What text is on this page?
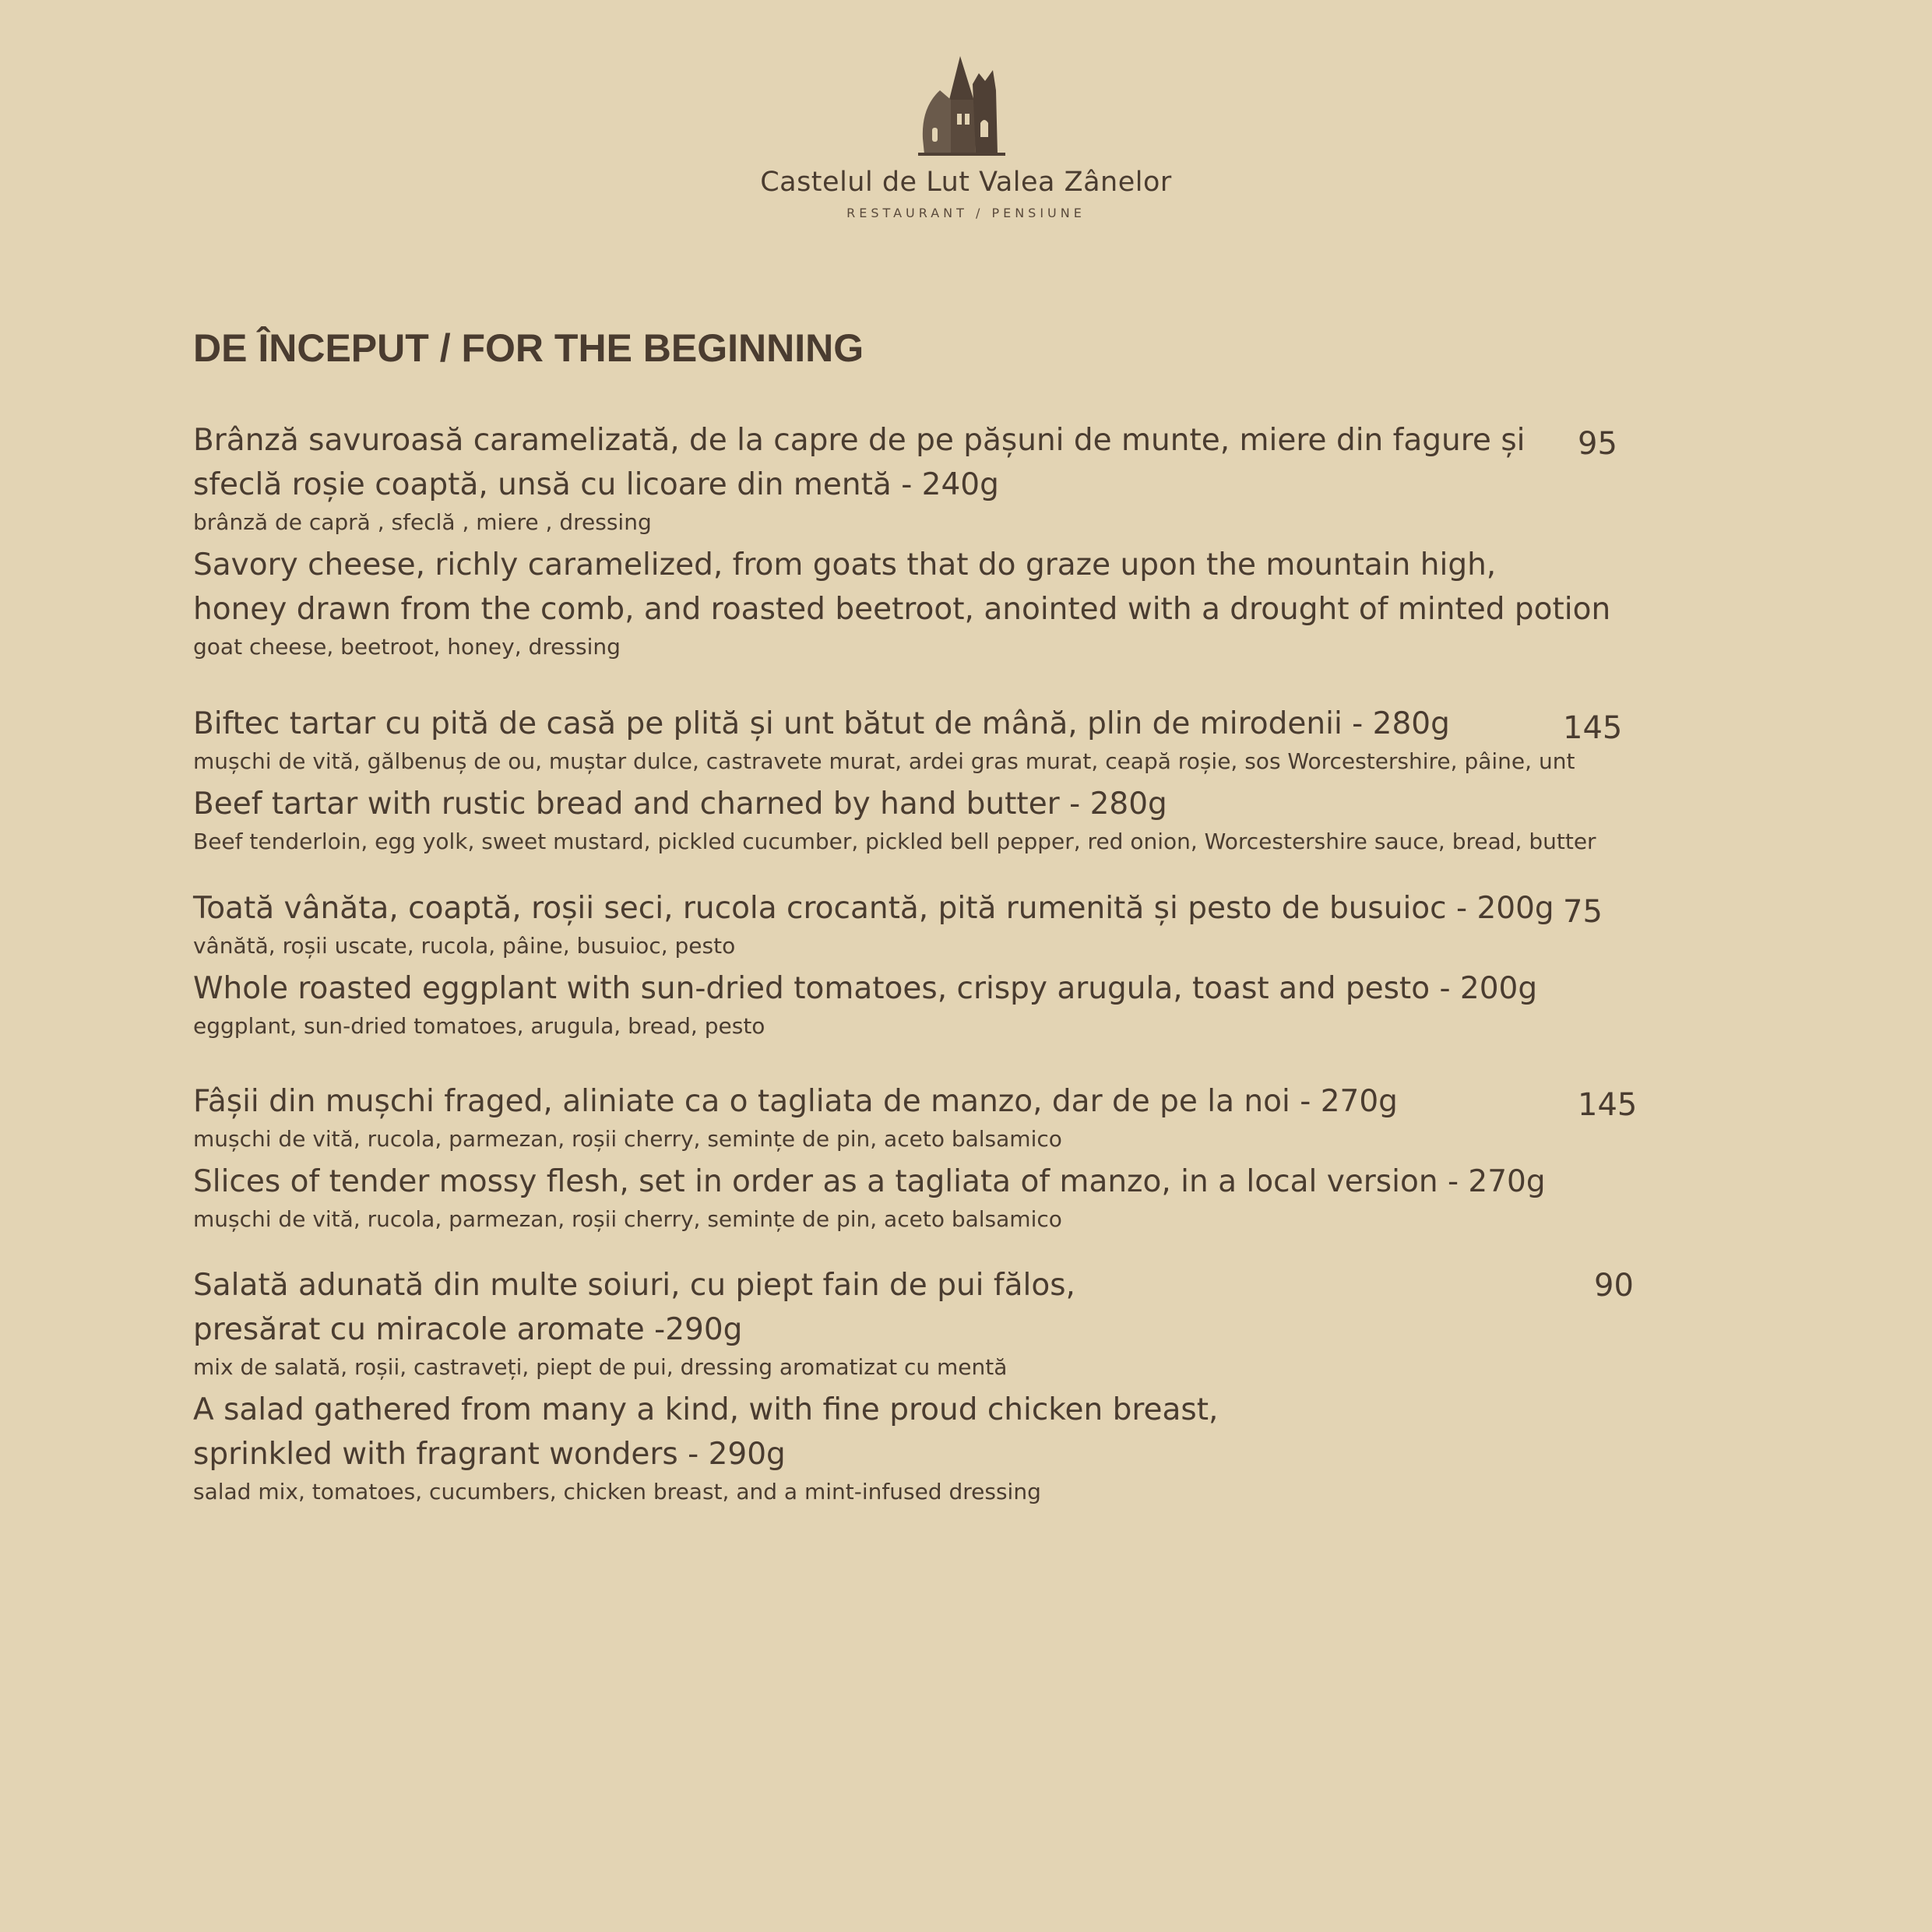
Castelul de Lut Valea Zânelor
RESTAURANT / PENSIUNE
DE ÎNCEPUT / FOR THE BEGINNING

Brânză savuroasă caramelizată, de la capre de pe pășuni de munte, miere din fagure și

sfeclă roșie coaptă, unsă cu licoare din mentă - 240g

brânză de capră , sfeclă , miere , dressing

Savory cheese, richly caramelized, from goats that do graze upon the mountain high,

honey drawn from the comb, and roasted beetroot, anointed with a drought of minted potion

goat cheese, beetroot, honey, dressing

95

Biftec tartar cu pită de casă pe plită și unt bătut de mână, plin de mirodenii - 280g

mușchi de vită, gălbenuș de ou, muștar dulce, castravete murat, ardei gras murat, ceapă roșie, sos Worcestershire, pâine, unt

Beef tartar with rustic bread and charned by hand butter - 280g

Beef tenderloin, egg yolk, sweet mustard, pickled cucumber, pickled bell pepper, red onion, Worcestershire sauce, bread, butter

145

Toată vânăta, coaptă, roșii seci, rucola crocantă, pită rumenită și pesto de busuioc - 200g

vânătă, roșii uscate, rucola, pâine, busuioc, pesto

Whole roasted eggplant with sun-dried tomatoes, crispy arugula, toast and pesto - 200g

eggplant, sun-dried tomatoes, arugula, bread, pesto

75

Fâșii din mușchi fraged, aliniate ca o tagliata de manzo, dar de pe la noi - 270g

mușchi de vită, rucola, parmezan, roșii cherry, semințe de pin, aceto balsamico

Slices of tender mossy flesh, set in order as a tagliata of manzo, in a local version - 270g

mușchi de vită, rucola, parmezan, roșii cherry, semințe de pin, aceto balsamico

145

Salată adunată din multe soiuri, cu piept fain de pui fălos,

presărat cu miracole aromate -290g

mix de salată, roșii, castraveți, piept de pui, dressing aromatizat cu mentă

A salad gathered from many a kind, with fine proud chicken breast,

sprinkled with fragrant wonders - 290g

salad mix, tomatoes, cucumbers, chicken breast, and a mint-infused dressing

90
